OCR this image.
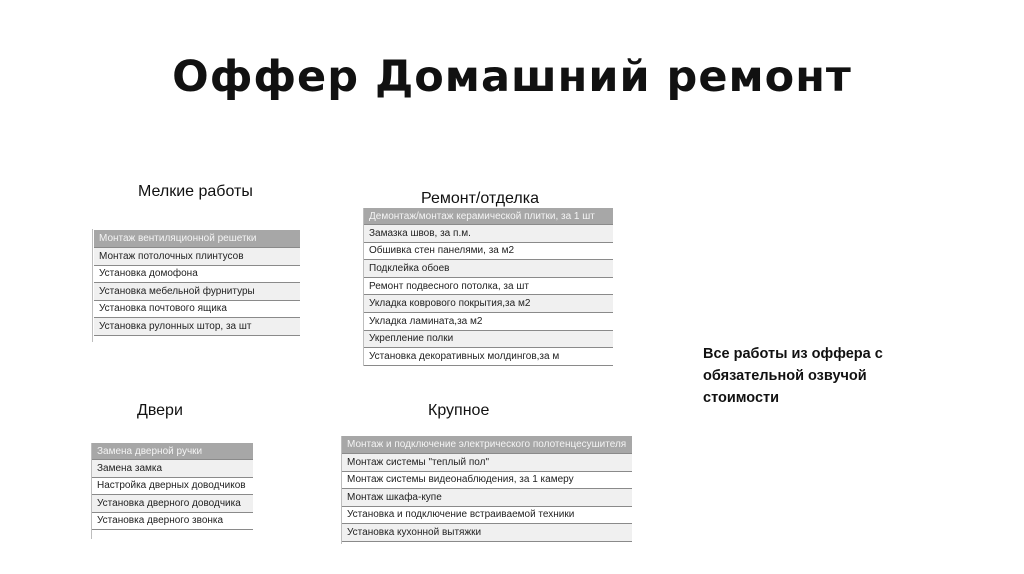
Оффер Домашний ремонт
Мелкие работы
Монтаж вентиляционной решетки
Монтаж потолочных плинтусов
Установка домофона
Установка мебельной фурнитуры
Установка почтового ящика
Установка рулонных штор, за шт
Ремонт/отделка
Демонтаж/монтаж керамической плитки, за 1 шт
Замазка швов, за п.м.
Обшивка стен панелями, за м2
Подклейка обоев
Ремонт подвесного потолка, за шт
Укладка коврового покрытия,за м2
Укладка ламината,за м2
Укрепление полки
Установка декоративных молдингов,за м
Двери
Замена дверной ручки
Замена замка
Настройка дверных доводчиков
Установка дверного доводчика
Установка дверного звонка
Крупное
Монтаж и подключение электрического полотенцесушителя
Монтаж системы "теплый пол"
Монтаж системы видеонаблюдения, за 1 камеру
Монтаж шкафа-купе
Установка и подключение встраиваемой техники
Установка кухонной вытяжки
Все работы из оффера с обязательной озвучой стоимости
